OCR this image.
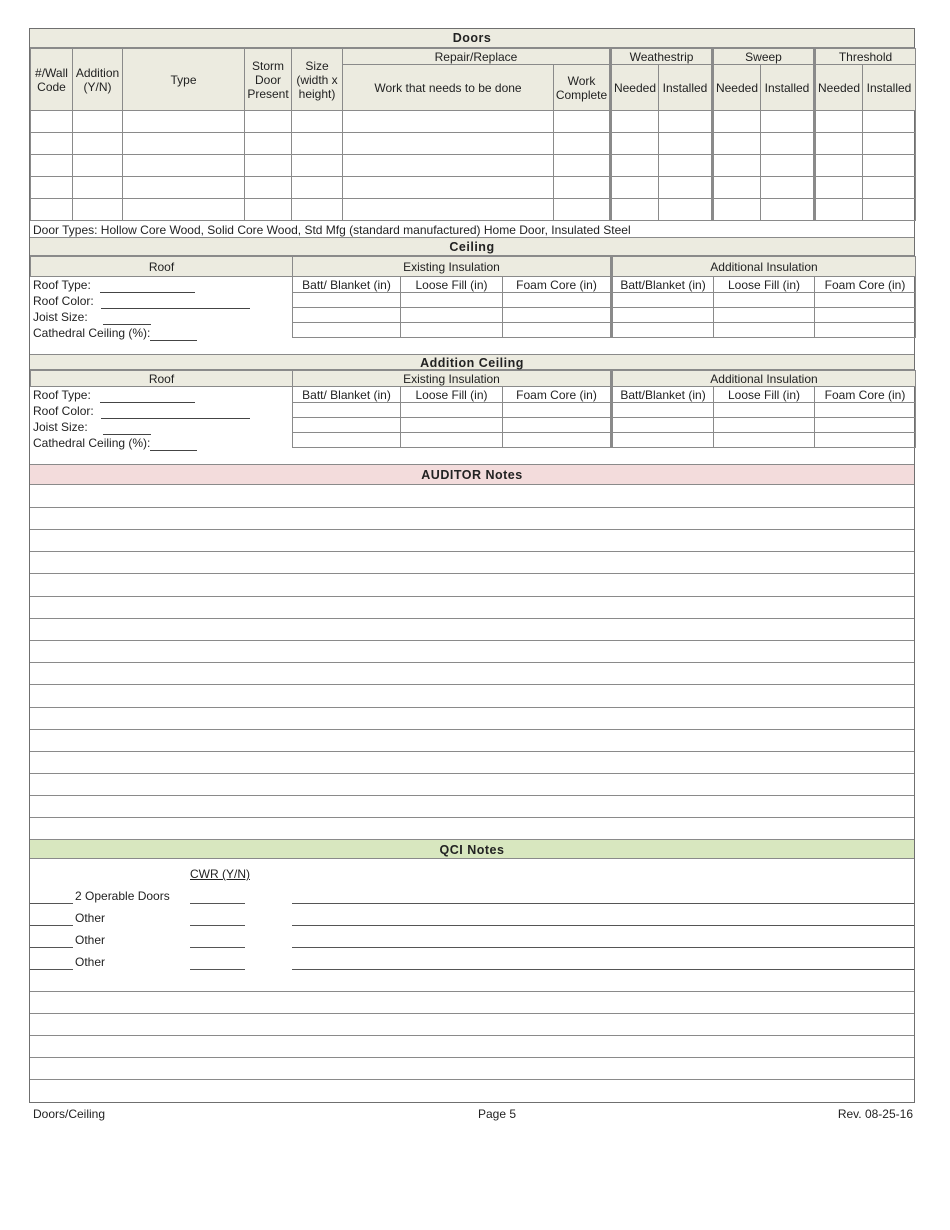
Doors
#/Wall Code	Addition (Y/N)	Type	Storm Door Present	Size (width x height)	Repair/Replace		Weathestrip		Sweep		Threshold	
					Work that needs to be done	Work Complete	Needed	Installed	Needed	Installed	Needed	Installed

Door Types: Hollow Core Wood, Solid Core Wood, Std Mfg (standard manufactured) Home Door, Insulated Steel
Ceiling
Roof	Existing Insulation	Additional Insulation
Batt/ Blanket (in)	Loose Fill (in)	Foam Core (in)	Batt/Blanket (in)	Loose Fill (in)	Foam Core (in)

Roof Type:
Roof Color:
Joist Size:
Cathedral Ceiling (%):
Addition Ceiling
Roof	Existing Insulation	Additional Insulation
Batt/ Blanket (in)	Loose Fill (in)	Foam Core (in)	Batt/Blanket (in)	Loose Fill (in)	Foam Core (in)

Roof Type:
Roof Color:
Joist Size:
Cathedral Ceiling (%):
AUDITOR Notes
QCI Notes
CWR (Y/N)
2 Operable Doors
Other
Other
Other
Doors/Ceiling	Page 5	Rev. 08-25-16
